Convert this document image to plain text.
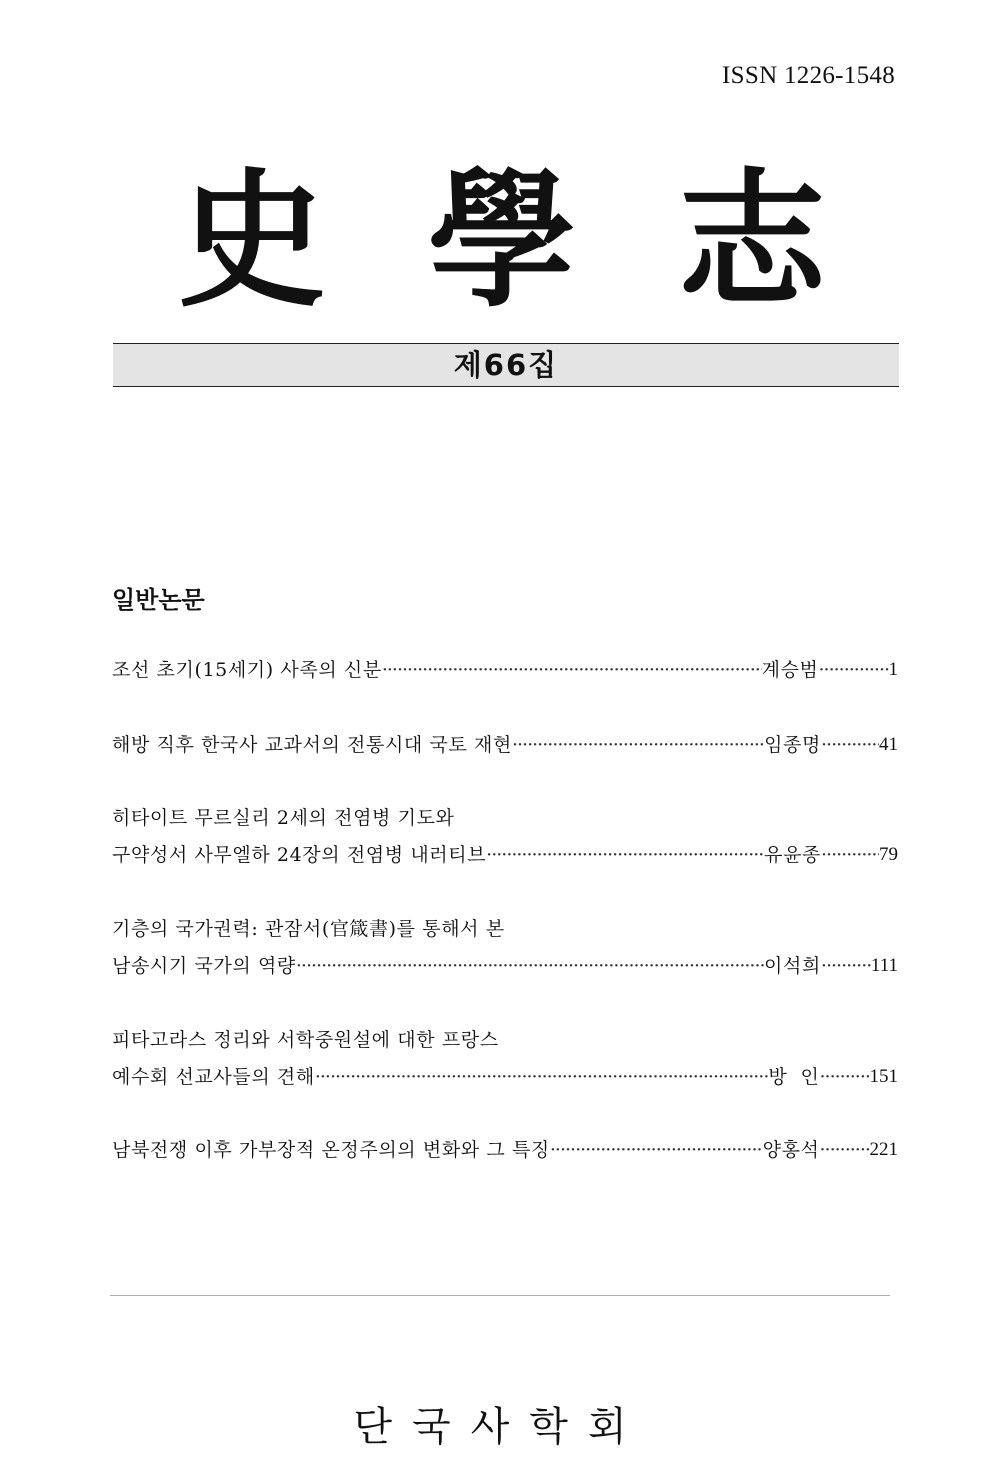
ISSN 1226-1548
史 學 志
제66집
일반논문
조선 초기(15세기) 사족의 신분 ·····	계승범 ·····	1
해방 직후 한국사 교과서의 전통시대 국토 재현 ·····	임종명 ·····	41
히타이트 무르실리 2세의 전염병 기도와
구약성서 사무엘하 24장의 전염병 내러티브 ·····	유윤종 ·····	79
기층의 국가권력: 관잠서(官箴書)를 통해서 본
남송시기 국가의 역량 ·····	이석희 ·····	111
피타고라스 정리와 서학중원설에 대한 프랑스
예수회 선교사들의 견해 ·····	방  인 ·····	151
남북전쟁 이후 가부장적 온정주의의 변화와 그 특징 ·····	양홍석 ·····	221
단국사학회
